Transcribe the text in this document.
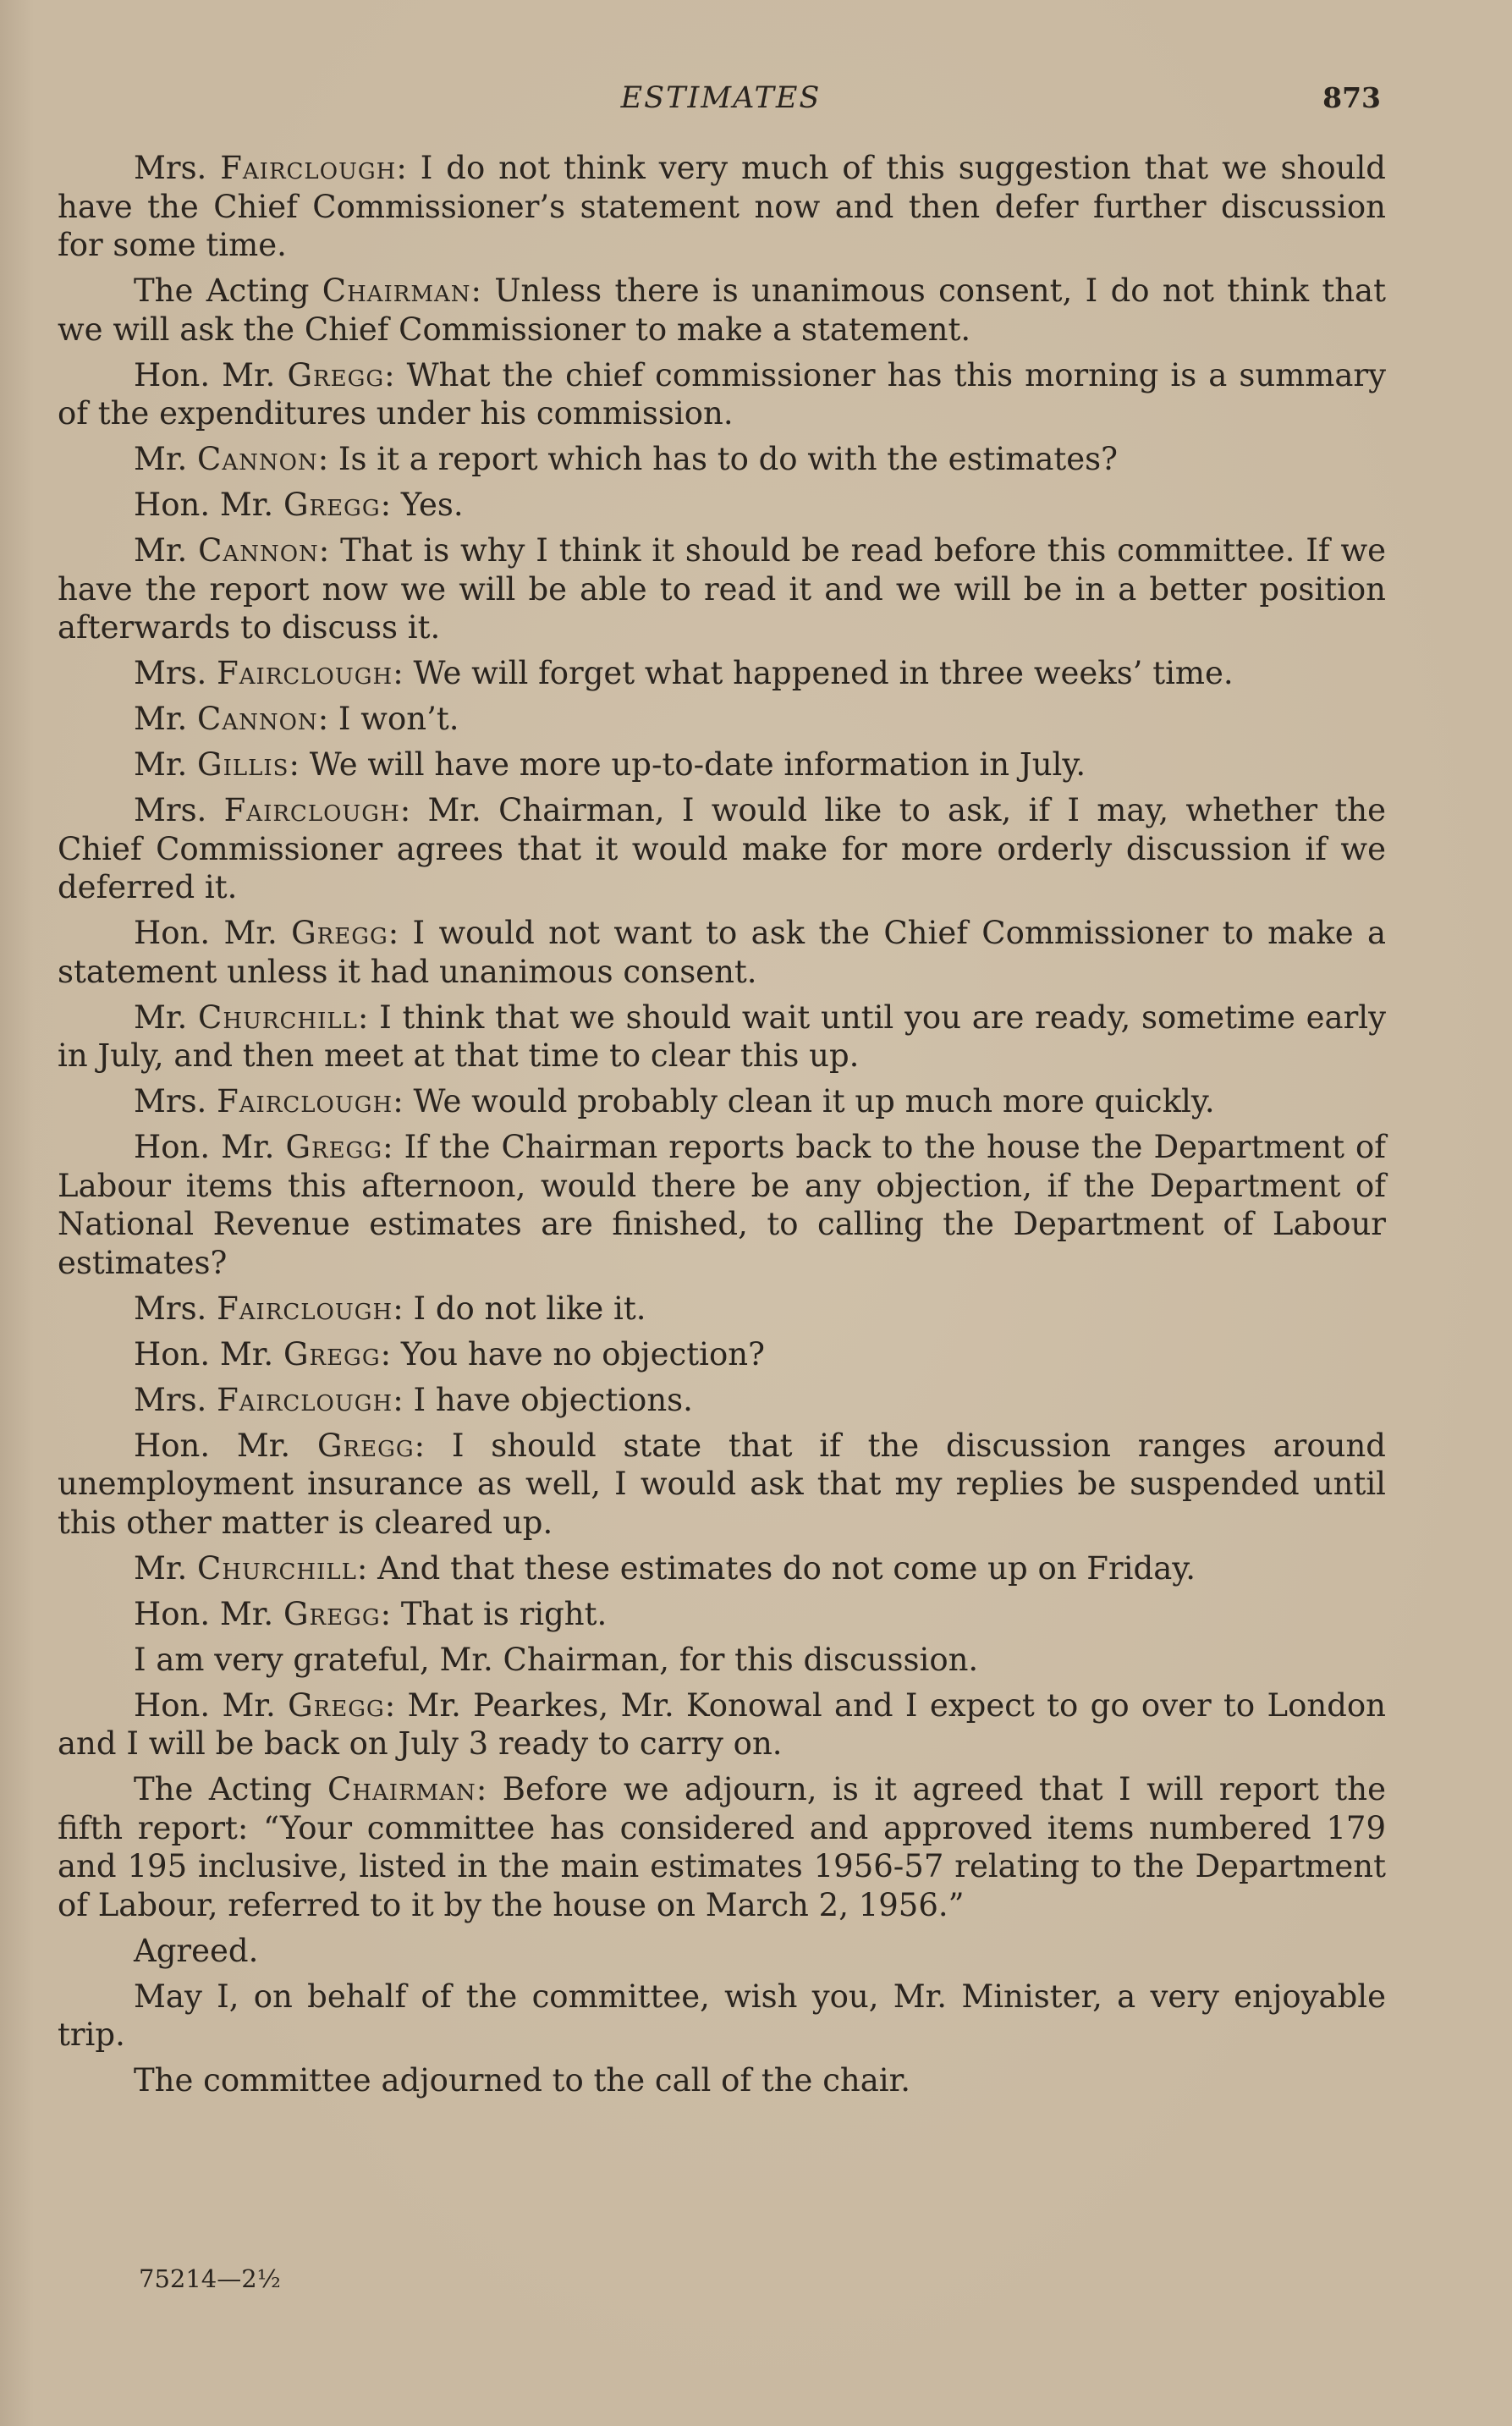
ESTIMATES	873

Mrs. Fairclough: I do not think very much of this suggestion that we should have the Chief Commissioner’s statement now and then defer further discussion for some time.

The Acting Chairman: Unless there is unanimous consent, I do not think that we will ask the Chief Commissioner to make a statement.

Hon. Mr. Gregg: What the chief commissioner has this morning is a summary of the expenditures under his commission.

Mr. Cannon: Is it a report which has to do with the estimates?

Hon. Mr. Gregg: Yes.

Mr. Cannon: That is why I think it should be read before this committee. If we have the report now we will be able to read it and we will be in a better position afterwards to discuss it.

Mrs. Fairclough: We will forget what happened in three weeks’ time.

Mr. Cannon: I won’t.

Mr. Gillis: We will have more up-to-date information in July.

Mrs. Fairclough: Mr. Chairman, I would like to ask, if I may, whether the Chief Commissioner agrees that it would make for more orderly discussion if we deferred it.

Hon. Mr. Gregg: I would not want to ask the Chief Commissioner to make a statement unless it had unanimous consent.

Mr. Churchill: I think that we should wait until you are ready, sometime early in July, and then meet at that time to clear this up.

Mrs. Fairclough: We would probably clean it up much more quickly.

Hon. Mr. Gregg: If the Chairman reports back to the house the Department of Labour items this afternoon, would there be any objection, if the Department of National Revenue estimates are finished, to calling the Department of Labour estimates?

Mrs. Fairclough: I do not like it.

Hon. Mr. Gregg: You have no objection?

Mrs. Fairclough: I have objections.

Hon. Mr. Gregg: I should state that if the discussion ranges around unemployment insurance as well, I would ask that my replies be suspended until this other matter is cleared up.

Mr. Churchill: And that these estimates do not come up on Friday.

Hon. Mr. Gregg: That is right.

I am very grateful, Mr. Chairman, for this discussion.

Hon. Mr. Gregg: Mr. Pearkes, Mr. Konowal and I expect to go over to London and I will be back on July 3 ready to carry on.

The Acting Chairman: Before we adjourn, is it agreed that I will report the fifth report: “Your committee has considered and approved items numbered 179 and 195 inclusive, listed in the main estimates 1956-57 relating to the Department of Labour, referred to it by the house on March 2, 1956.”

Agreed.

May I, on behalf of the committee, wish you, Mr. Minister, a very enjoyable trip.

The committee adjourned to the call of the chair.

75214—2½
